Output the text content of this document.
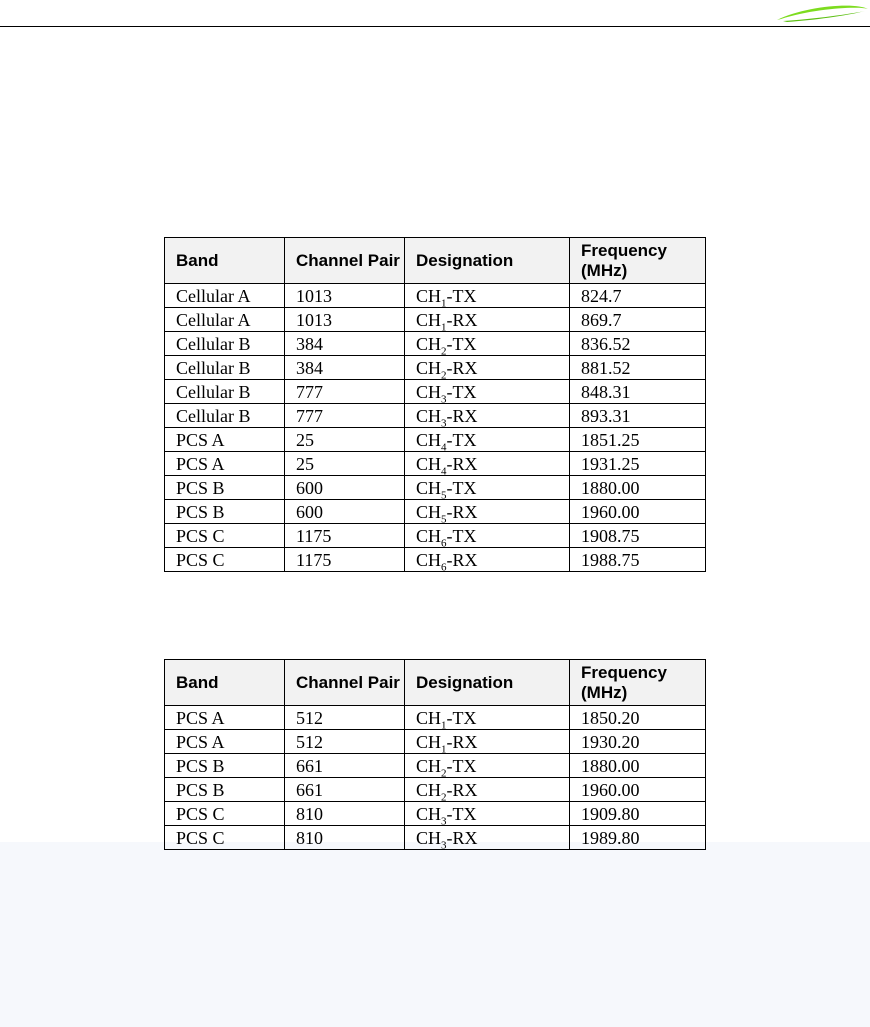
Band	Channel Pair	Designation	Frequency (MHz)
Cellular A	1013	$CH_1-TX$	824.7
Cellular A	1013	$CH_1-RX$	869.7
Cellular B	384	$CH_2-TX$	836.52
Cellular B	384	$CH_2-RX$	881.52
Cellular B	777	$CH_3-TX$	848.31
Cellular B	777	$CH_3-RX$	893.31
PCS A	25	$CH_4-TX$	1851.25
PCS A	25	$CH_4-RX$	1931.25
PCS B	600	$CH_5-TX$	1880.00
PCS B	600	$CH_5-RX$	1960.00
PCS C	1175	$CH_6-TX$	1908.75
PCS C	1175	$CH_6-RX$	1988.75
Band	Channel Pair	Designation	Frequency (MHz)
PCS A	512	$CH_1-TX$	1850.20
PCS A	512	$CH_1-RX$	1930.20
PCS B	661	$CH_2-TX$	1880.00
PCS B	661	$CH_2-RX$	1960.00
PCS C	810	$CH_3-TX$	1909.80
PCS C	810	$CH_3-RX$	1989.80
